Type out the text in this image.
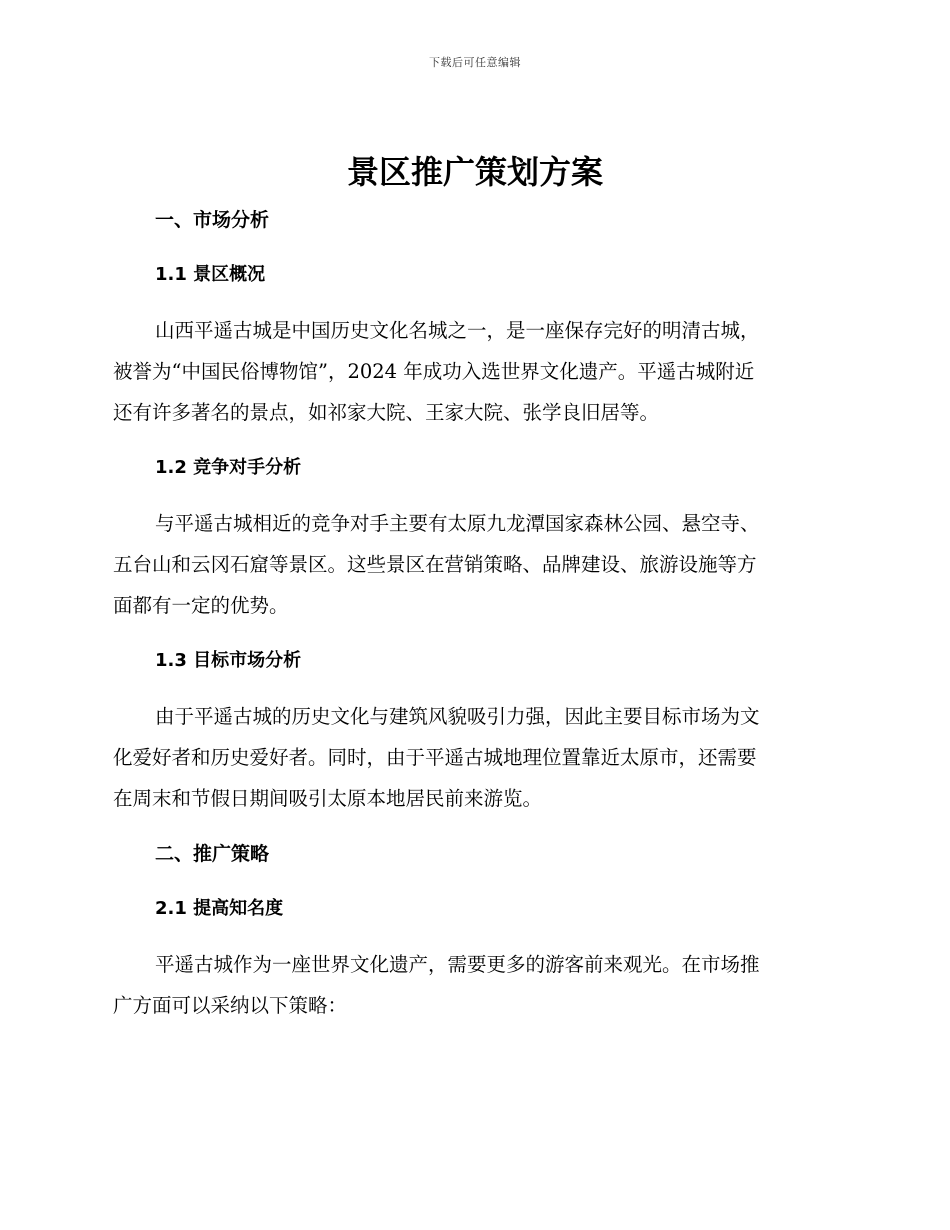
下载后可任意编辑
景区推广策划方案
一、市场分析
1.1 景区概况

山西平遥古城是中国历史文化名城之一，是一座保存完好的明清古城，
被誉为“中国民俗博物馆”，2024 年成功入选世界文化遗产。平遥古城附近
还有许多著名的景点，如祁家大院、王家大院、张学良旧居等。

1.2 竞争对手分析

与平遥古城相近的竞争对手主要有太原九龙潭国家森林公园、悬空寺、
五台山和云冈石窟等景区。这些景区在营销策略、品牌建设、旅游设施等方
面都有一定的优势。

1.3 目标市场分析

由于平遥古城的历史文化与建筑风貌吸引力强，因此主要目标市场为文
化爱好者和历史爱好者。同时，由于平遥古城地理位置靠近太原市，还需要
在周末和节假日期间吸引太原本地居民前来游览。

二、推广策略
2.1 提高知名度

平遥古城作为一座世界文化遗产，需要更多的游客前来观光。在市场推
广方面可以采纳以下策略：
